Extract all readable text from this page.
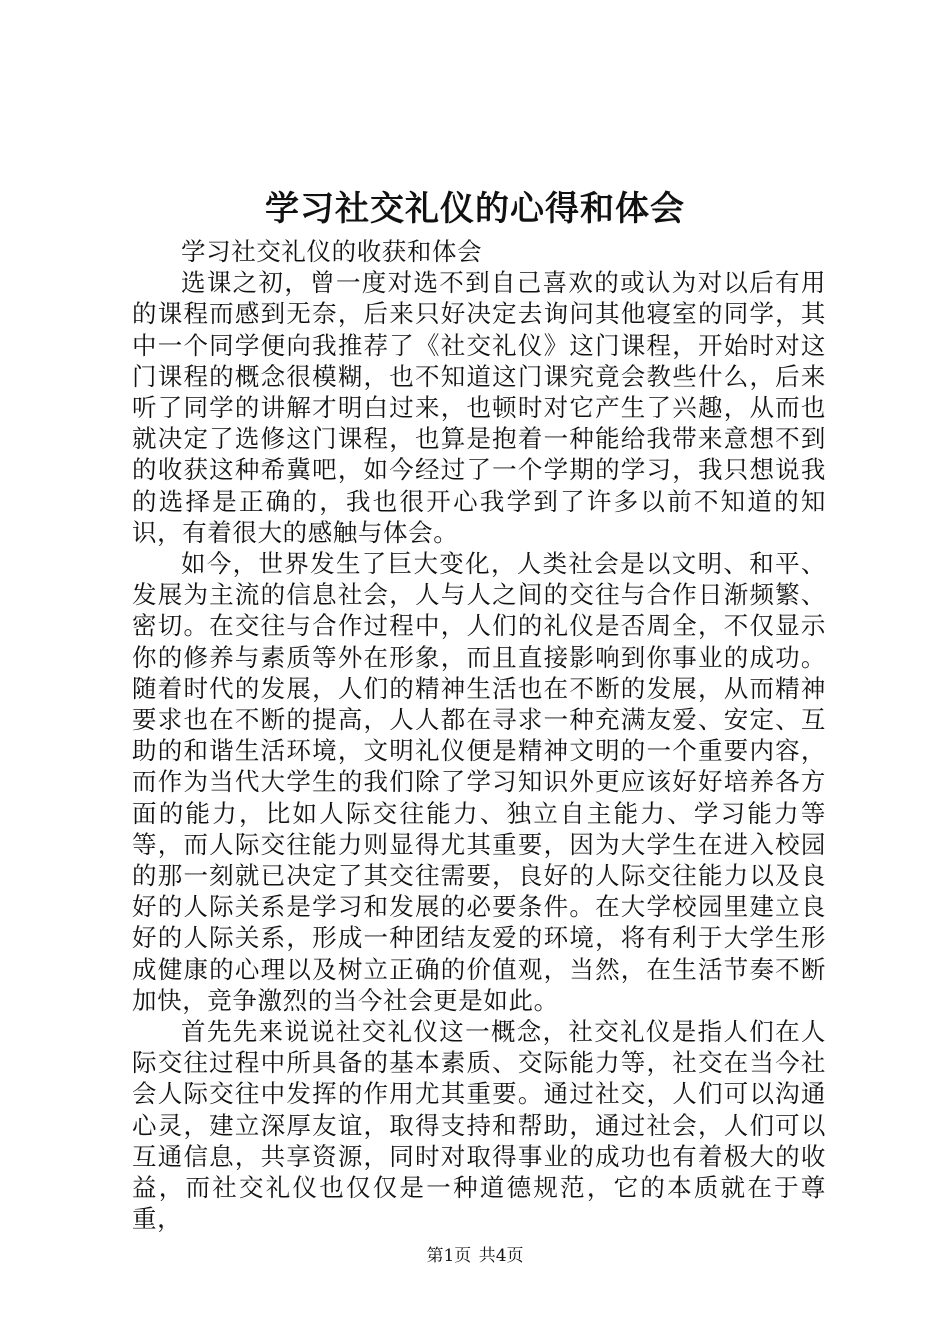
学习社交礼仪的心得和体会

学习社交礼仪的收获和体会

选课之初，曾一度对选不到自己喜欢的或认为对以后有用的课程而感到无奈，后来只好决定去询问其他寝室的同学，其中一个同学便向我推荐了《社交礼仪》这门课程，开始时对这门课程的概念很模糊，也不知道这门课究竟会教些什么，后来听了同学的讲解才明白过来，也顿时对它产生了兴趣，从而也就决定了选修这门课程，也算是抱着一种能给我带来意想不到的收获这种希冀吧，如今经过了一个学期的学习，我只想说我的选择是正确的，我也很开心我学到了许多以前不知道的知识，有着很大的感触与体会。

如今，世界发生了巨大变化，人类社会是以文明、和平、发展为主流的信息社会，人与人之间的交往与合作日渐频繁、密切。在交往与合作过程中，人们的礼仪是否周全，不仅显示你的修养与素质等外在形象，而且直接影响到你事业的成功。随着时代的发展，人们的精神生活也在不断的发展，从而精神要求也在不断的提高，人人都在寻求一种充满友爱、安定、互助的和谐生活环境，文明礼仪便是精神文明的一个重要内容，而作为当代大学生的我们除了学习知识外更应该好好培养各方面的能力，比如人际交往能力、独立自主能力、学习能力等等，而人际交往能力则显得尤其重要，因为大学生在进入校园的那一刻就已决定了其交往需要，良好的人际交往能力以及良好的人际关系是学习和发展的必要条件。在大学校园里建立良好的人际关系，形成一种团结友爱的环境，将有利于大学生形成健康的心理以及树立正确的价值观，当然，在生活节奏不断加快，竞争激烈的当今社会更是如此。

首先先来说说社交礼仪这一概念，社交礼仪是指人们在人际交往过程中所具备的基本素质、交际能力等，社交在当今社会人际交往中发挥的作用尤其重要。通过社交，人们可以沟通心灵，建立深厚友谊，取得支持和帮助，通过社会，人们可以互通信息，共享资源，同时对取得事业的成功也有着极大的收益，而社交礼仪也仅仅是一种道德规范，它的本质就在于尊重，

第1页 共4页
